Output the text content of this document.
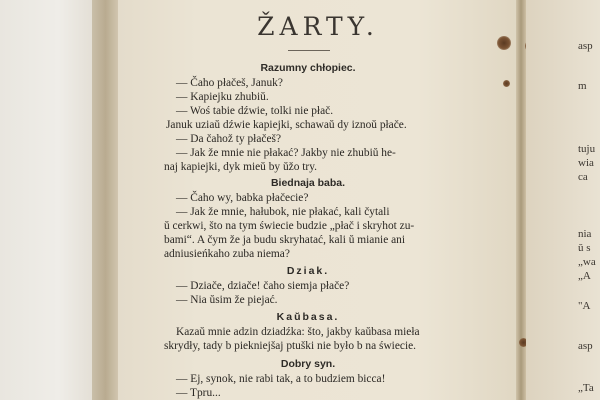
ŽARTY.
Razumny chłopiec.
— Čaho płačeš, Januk?
— Kapiejku zhubiŭ.
— Woś tabie dźwie, tolki nie płač.
Januk uziaŭ dźwie kapiejki, schawaŭ dy iznoŭ płače.
— Da čahož ty płačeš?
— Jak že mnie nie płakać? Jakby nie zhubiŭ he-
naj kapiejki, dyk mieŭ by ŭžo try.
Biednaja baba.
— Čaho wy, babka płačecie?
— Jak že mnie, hałubok, nie płakać, kali čytali
ŭ cerkwi, što na tym świecie budzie „płač i skryhot zu-
bami“. A čym že ja budu skryhatać, kali ŭ mianie ani
adniusieńkaho zuba niema?
Dziak.
— Dziače, dziače! čaho siemja płače?
— Nia ŭsim že piejać.
Kaŭbasa.
Kazaŭ mnie adzin dziadźka: što, jakby kaŭbasa mieła
skrydły, tady b piekniejšaj ptuški nie było b na świecie.
Dobry syn.
— Ej, synok, nie rabi tak, a to budziem bicca!
— Tpru...
asp
m
tuju
wia
ca
nia
ŭ s
„wa
„A
"A
asp
„Ta
